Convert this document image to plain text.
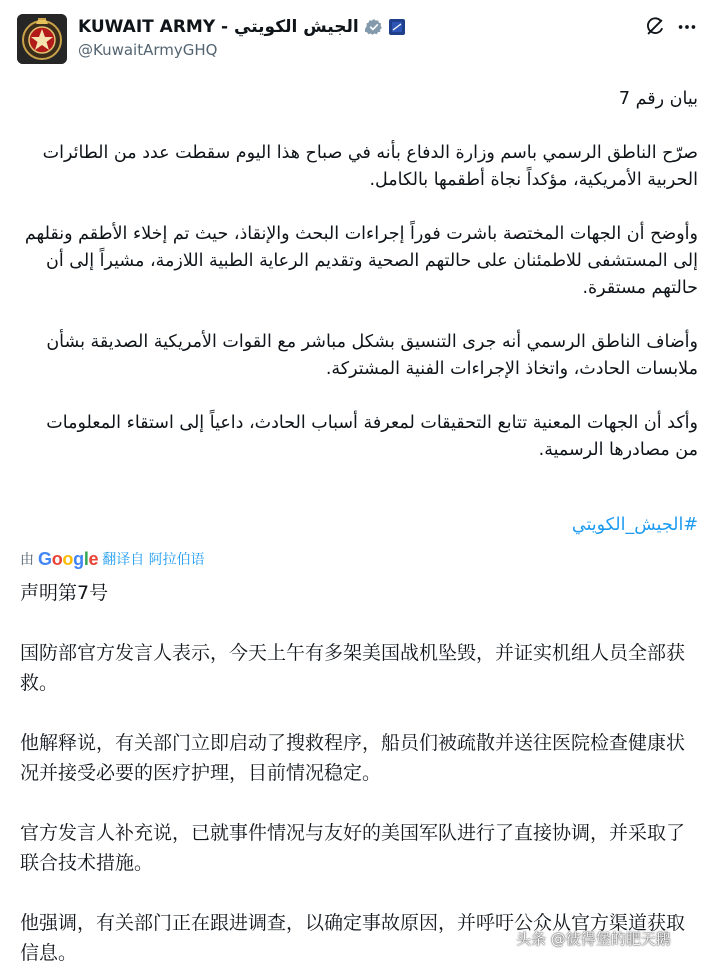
KUWAIT ARMY - الجيش الكويتي
@KuwaitArmyGHQ

بيان رقم 7

صرّح الناطق الرسمي باسم وزارة الدفاع بأنه في صباح هذا اليوم سقطت عدد من الطائرات الحربية الأمريكية، مؤكداً نجاة أطقمها بالكامل.

وأوضح أن الجهات المختصة باشرت فوراً إجراءات البحث والإنقاذ، حيث تم إخلاء الأطقم ونقلهم إلى المستشفى للاطمئنان على حالتهم الصحية وتقديم الرعاية الطبية اللازمة، مشيراً إلى أن حالتهم مستقرة.

وأضاف الناطق الرسمي أنه جرى التنسيق بشكل مباشر مع القوات الأمريكية الصديقة بشأن ملابسات الحادث، واتخاذ الإجراءات الفنية المشتركة.

وأكد أن الجهات المعنية تتابع التحقيقات لمعرفة أسباب الحادث، داعياً إلى استقاء المعلومات من مصادرها الرسمية.

#الجيش_الكويتي
由 Google 翻译自 阿拉伯语

声明第7号

国防部官方发言人表示，今天上午有多架美国战机坠毁，并证实机组人员全部获救。

他解释说，有关部门立即启动了搜救程序，船员们被疏散并送往医院检查健康状况并接受必要的医疗护理，目前情况稳定。

官方发言人补充说，已就事件情况与友好的美国军队进行了直接协调，并采取了联合技术措施。

他强调，有关部门正在跟进调查，以确定事故原因，并呼吁公众从官方渠道获取信息。

头条 @彼得堡的肥天鹅
